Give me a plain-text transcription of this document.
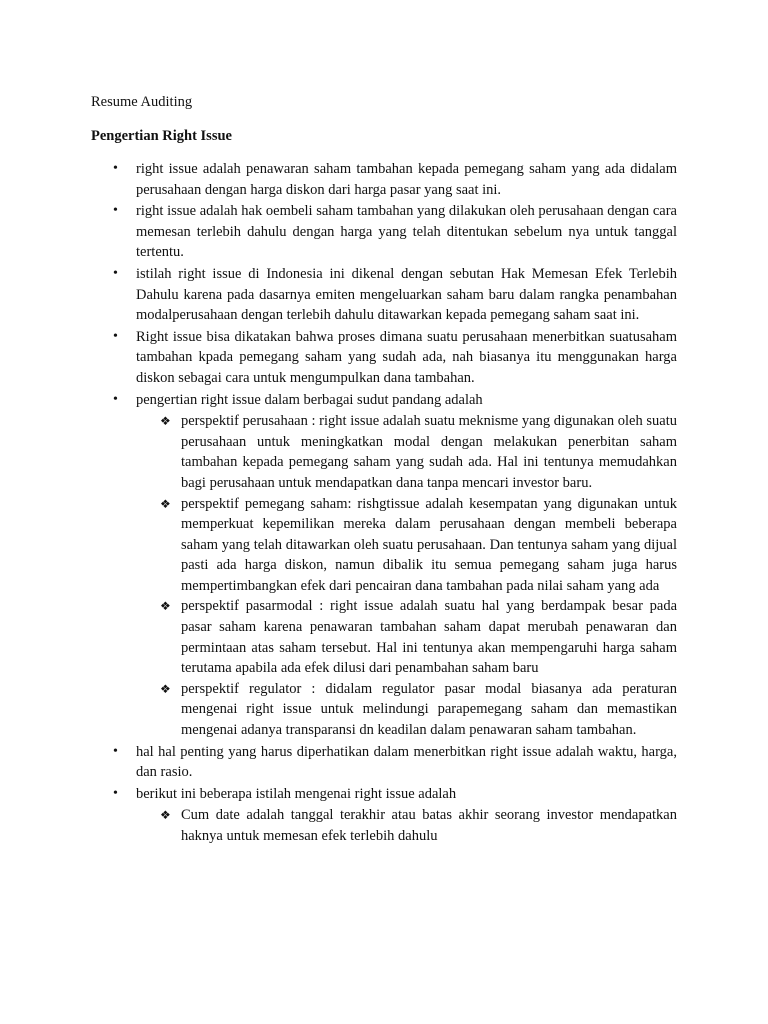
Resume Auditing
Pengertian Right Issue
• right issue adalah penawaran saham tambahan kepada pemegang saham yang ada didalam perusahaan dengan harga diskon dari harga pasar yang saat ini.
• right issue adalah hak oembeli saham tambahan yang dilakukan oleh perusahaan dengan cara memesan terlebih dahulu dengan harga yang telah ditentukan sebelum nya untuk tanggal tertentu.
• istilah right issue di Indonesia ini dikenal dengan sebutan Hak Memesan Efek Terlebih Dahulu karena pada dasarnya emiten mengeluarkan saham baru dalam rangka penambahan modalperusahaan dengan terlebih dahulu ditawarkan kepada pemegang saham saat ini.
• Right issue bisa dikatakan bahwa proses dimana suatu perusahaan menerbitkan suatusaham tambahan kpada pemegang saham yang sudah ada, nah biasanya itu menggunakan harga diskon sebagai cara untuk mengumpulkan dana tambahan.
• pengertian right issue dalam berbagai sudut pandang adalah
❖ perspektif perusahaan : right issue adalah suatu meknisme yang digunakan oleh suatu perusahaan untuk meningkatkan modal dengan melakukan penerbitan saham tambahan kepada pemegang saham yang sudah ada. Hal ini tentunya memudahkan bagi perusahaan untuk mendapatkan dana tanpa mencari investor baru.
❖ perspektif pemegang saham: rishgtissue adalah kesempatan yang digunakan untuk memperkuat kepemilikan mereka dalam perusahaan dengan membeli beberapa saham yang telah ditawarkan oleh suatu perusahaan. Dan tentunya saham yang dijual pasti ada harga diskon, namun dibalik itu semua pemegang saham juga harus mempertimbangkan efek dari pencairan dana tambahan pada nilai saham yang ada
❖ perspektif pasarmodal : right issue adalah suatu hal yang berdampak besar pada pasar saham karena penawaran tambahan saham dapat merubah penawaran dan permintaan atas saham tersebut. Hal ini tentunya akan mempengaruhi harga saham terutama apabila ada efek dilusi dari penambahan saham baru
❖ perspektif regulator : didalam regulator pasar modal biasanya ada peraturan mengenai right issue untuk melindungi parapemegang saham dan memastikan mengenai adanya transparansi dn keadilan dalam penawaran saham tambahan.
• hal hal penting yang harus diperhatikan dalam menerbitkan right issue adalah waktu, harga, dan rasio.
• berikut ini beberapa istilah mengenai right issue adalah
❖ Cum date adalah tanggal terakhir atau batas akhir seorang investor mendapatkan haknya untuk memesan efek terlebih dahulu
